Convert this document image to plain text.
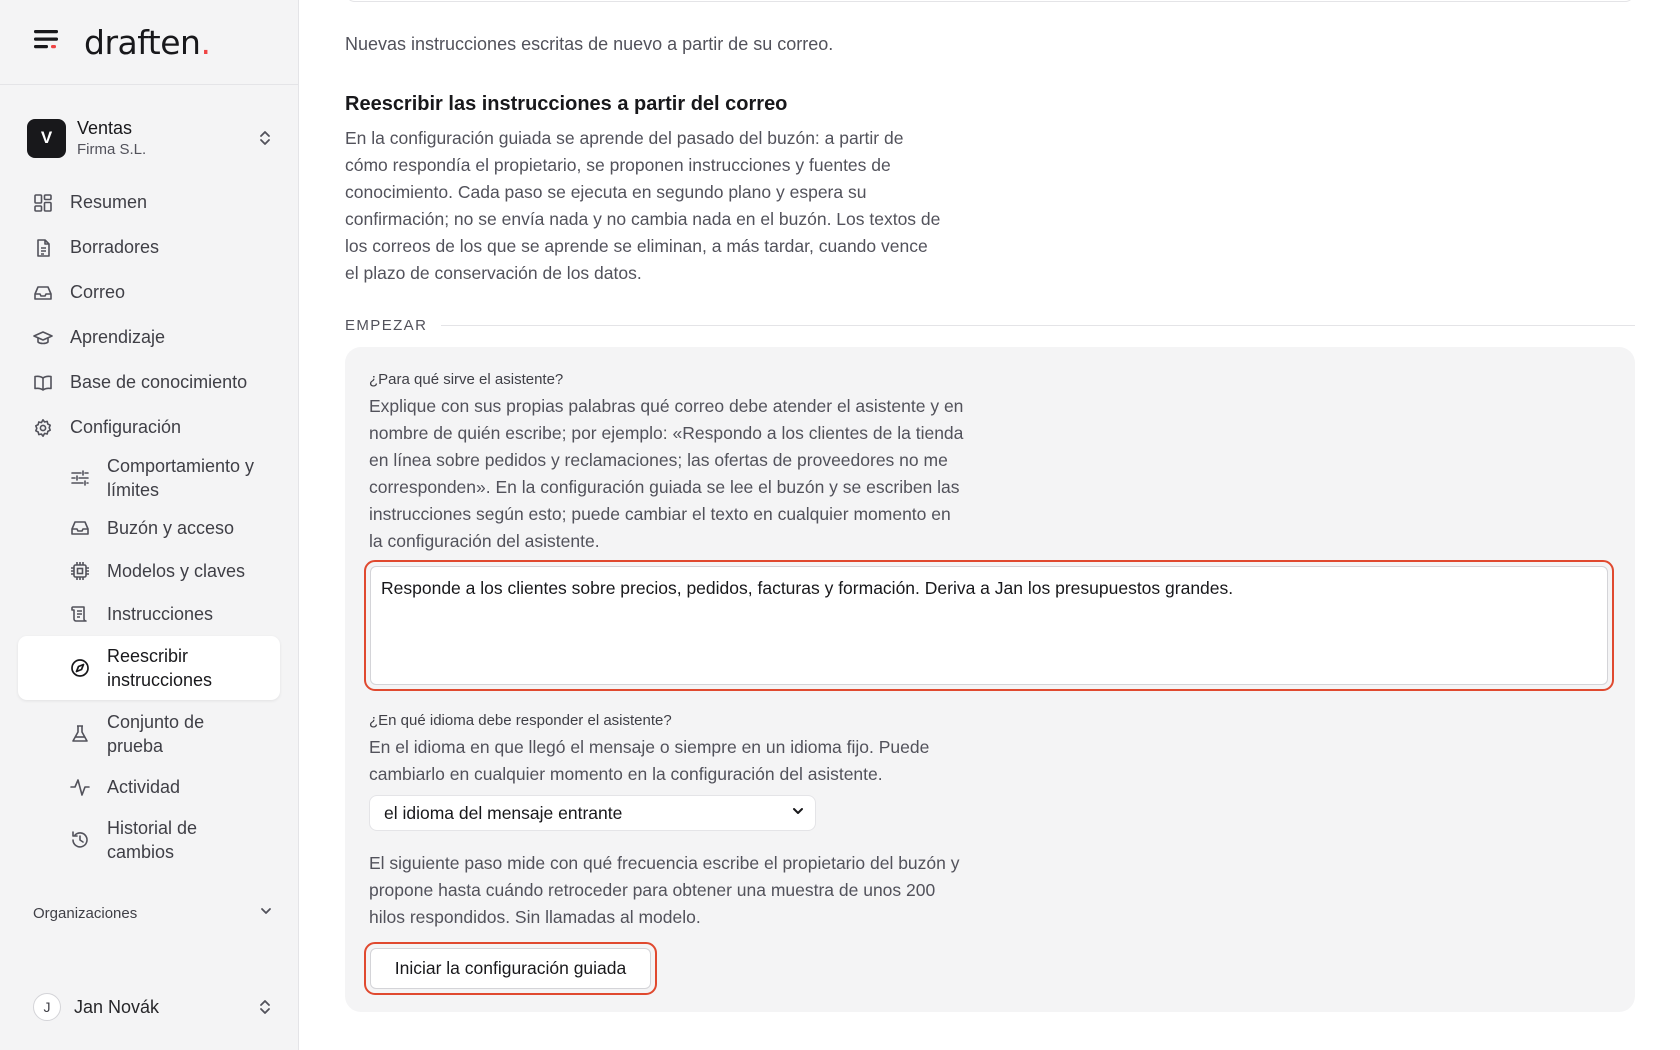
draften.
V	Ventas
Firma S.L.
Resumen
Borradores
Correo
Aprendizaje
Base de conocimiento
Configuración
Comportamiento y límites
Buzón y acceso
Modelos y claves
Instrucciones
Reescribir instrucciones
Conjunto de prueba
Actividad
Historial de cambios
Organizaciones
J	Jan Novák

Nuevas instrucciones escritas de nuevo a partir de su correo.

Reescribir las instrucciones a partir del correo

En la configuración guiada se aprende del pasado del buzón: a partir de cómo respondía el propietario, se proponen instrucciones y fuentes de conocimiento. Cada paso se ejecuta en segundo plano y espera su confirmación; no se envía nada y no cambia nada en el buzón. Los textos de los correos de los que se aprende se eliminan, a más tardar, cuando vence el plazo de conservación de los datos.

EMPEZAR
¿Para qué sirve el asistente?

Explique con sus propias palabras qué correo debe atender el asistente y en nombre de quién escribe; por ejemplo: «Respondo a los clientes de la tienda en línea sobre pedidos y reclamaciones; las ofertas de proveedores no me corresponden». En la configuración guiada se lee el buzón y se escriben las instrucciones según esto; puede cambiar el texto en cualquier momento en la configuración del asistente.

Responde a los clientes sobre precios, pedidos, facturas y formación. Deriva a Jan los presupuestos grandes.
¿En qué idioma debe responder el asistente?

En el idioma en que llegó el mensaje o siempre en un idioma fijo. Puede cambiarlo en cualquier momento en la configuración del asistente.

el idioma del mensaje entrante

El siguiente paso mide con qué frecuencia escribe el propietario del buzón y propone hasta cuándo retroceder para obtener una muestra de unos 200 hilos respondidos. Sin llamadas al modelo.

Iniciar la configuración guiada
